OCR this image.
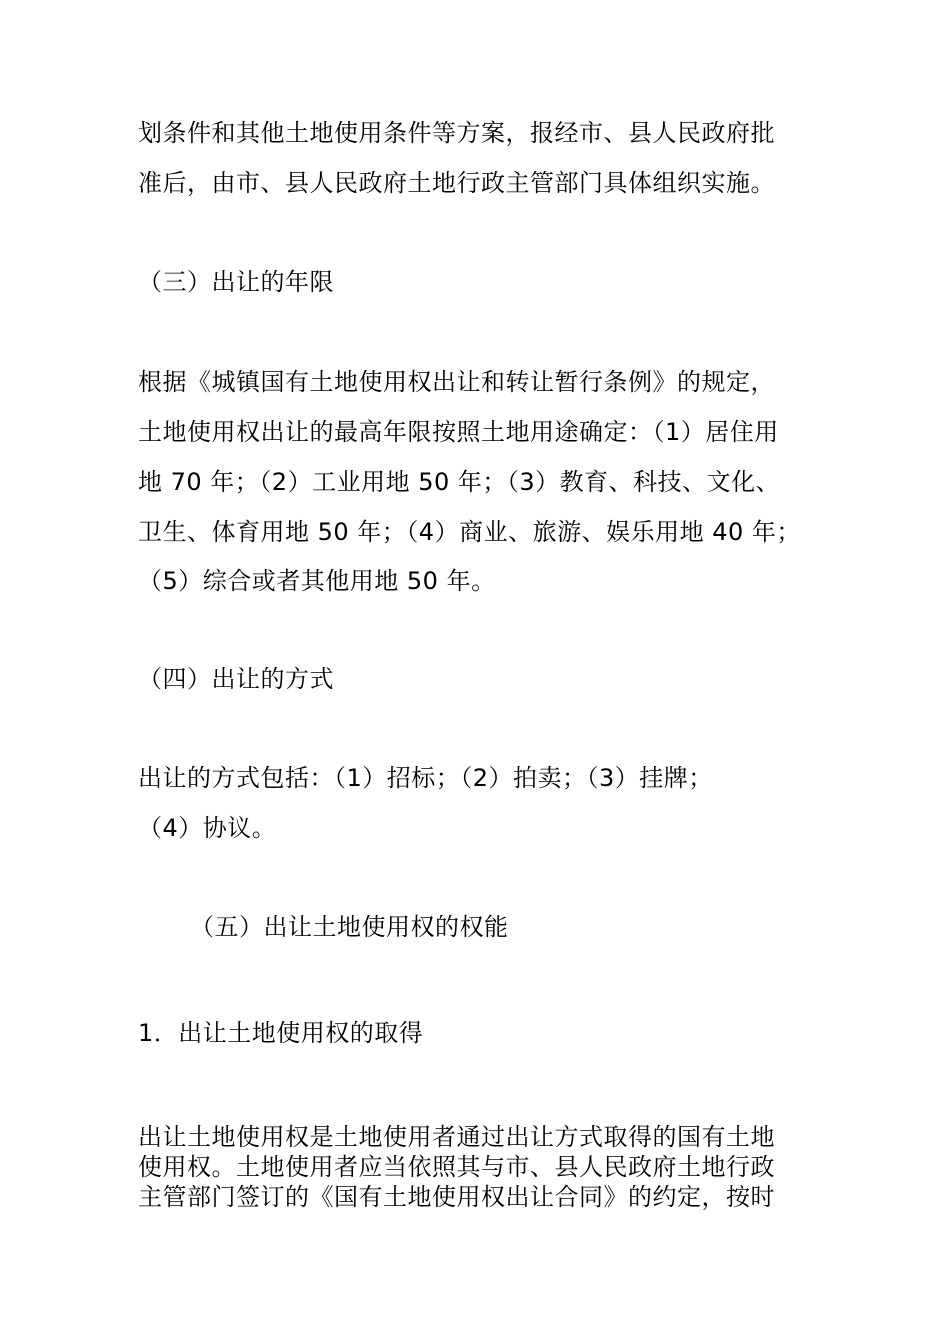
划条件和其他土地使用条件等方案，报经市、县人民政府批
准后，由市、县人民政府土地行政主管部门具体组织实施。
（三）出让的年限
根据《城镇国有土地使用权出让和转让暂行条例》的规定，
土地使用权出让的最高年限按照土地用途确定：（1）居住用
地 70 年；（2）工业用地 50 年；（3）教育、科技、文化、
卫生、体育用地 50 年；（4）商业、旅游、娱乐用地 40 年；
（5）综合或者其他用地 50 年。
（四）出让的方式
出让的方式包括：（1）招标；（2）拍卖；（3）挂牌；
（4）协议。
（五）出让土地使用权的权能
1．出让土地使用权的取得
出让土地使用权是土地使用者通过出让方式取得的国有土地
使用权。土地使用者应当依照其与市、县人民政府土地行政
主管部门签订的《国有土地使用权出让合同》的约定，按时
